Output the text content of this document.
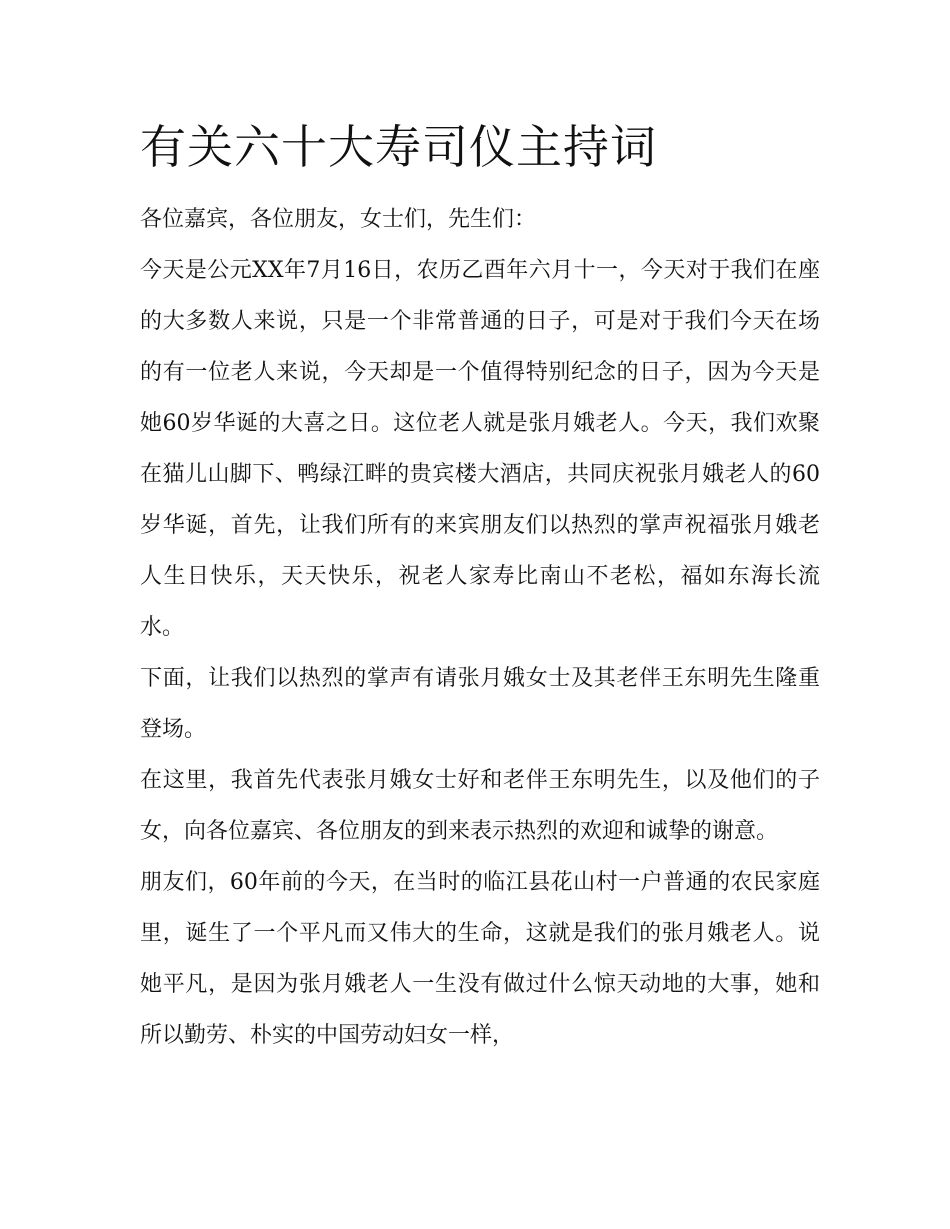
有关六十大寿司仪主持词

各位嘉宾，各位朋友，女士们，先生们：

今天是公元XX年7月16日，农历乙酉年六月十一，今天对于我们在座的大多数人来说，只是一个非常普通的日子，可是对于我们今天在场的有一位老人来说，今天却是一个值得特别纪念的日子，因为今天是她60岁华诞的大喜之日。这位老人就是张月娥老人。今天，我们欢聚在猫儿山脚下、鸭绿江畔的贵宾楼大酒店，共同庆祝张月娥老人的60岁华诞，首先，让我们所有的来宾朋友们以热烈的掌声祝福张月娥老人生日快乐，天天快乐，祝老人家寿比南山不老松，福如东海长流水。

下面，让我们以热烈的掌声有请张月娥女士及其老伴王东明先生隆重登场。

在这里，我首先代表张月娥女士好和老伴王东明先生，以及他们的子女，向各位嘉宾、各位朋友的到来表示热烈的欢迎和诚挚的谢意。

朋友们，60年前的今天，在当时的临江县花山村一户普通的农民家庭里，诞生了一个平凡而又伟大的生命，这就是我们的张月娥老人。说她平凡，是因为张月娥老人一生没有做过什么惊天动地的大事，她和所以勤劳、朴实的中国劳动妇女一样，
